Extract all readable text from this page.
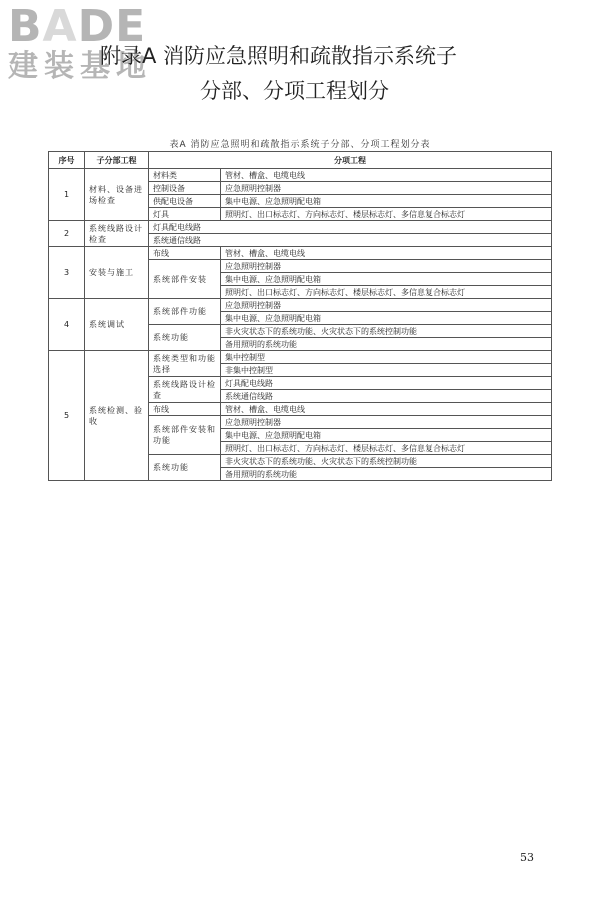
BADE
建装基地
附录A 消防应急照明和疏散指示系统子
分部、分项工程划分
表A 消防应急照明和疏散指示系统子分部、分项工程划分表
序号	子分部工程	分项工程	
1	材料、设备进场检查	材料类	管材、槽盒、电缆电线
		控制设备	应急照明控制器
		供配电设备	集中电源、应急照明配电箱
		灯具	照明灯、出口标志灯、方向标志灯、楼层标志灯、多信息复合标志灯
2	系统线路设计检查	灯具配电线路	
		系统通信线路	
3	安装与施工	布线	管材、槽盒、电缆电线
		系统部件安装	应急照明控制器
			集中电源、应急照明配电箱
			照明灯、出口标志灯、方向标志灯、楼层标志灯、多信息复合标志灯
4	系统调试	系统部件功能	应急照明控制器
			集中电源、应急照明配电箱
		系统功能	非火灾状态下的系统功能、火灾状态下的系统控制功能
			备用照明的系统功能
5	系统检测、验收	系统类型和功能选择	集中控制型
			非集中控制型
		系统线路设计检查	灯具配电线路
			系统通信线路
		布线	管材、槽盒、电缆电线
		系统部件安装和功能	应急照明控制器
			集中电源、应急照明配电箱
			照明灯、出口标志灯、方向标志灯、楼层标志灯、多信息复合标志灯
		系统功能	非火灾状态下的系统功能、火灾状态下的系统控制功能
			备用照明的系统功能
53
